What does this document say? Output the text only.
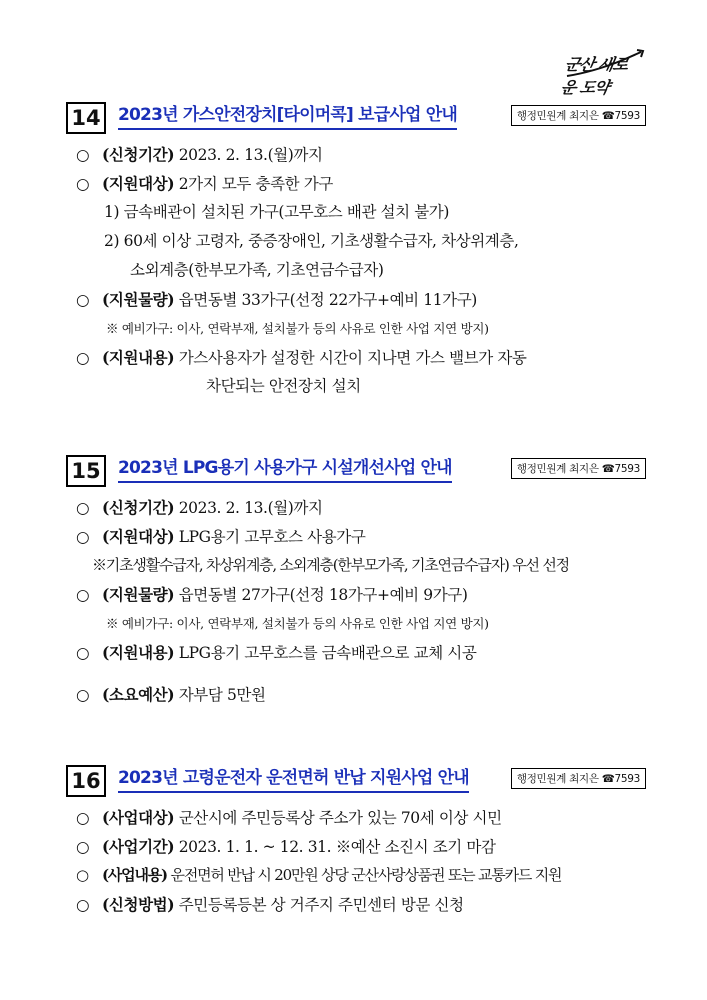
군산 새로운 도약
14	2023년 가스안전장치[타이머콕] 보급사업 안내	행정민원계 최지은 ☎7593
○ (신청기간) 2023. 2. 13.(월)까지
○ (지원대상) 2가지 모두 충족한 가구
1) 금속배관이 설치된 가구(고무호스 배관 설치 불가)
2) 60세 이상 고령자, 중증장애인, 기초생활수급자, 차상위계층,
소외계층(한부모가족, 기초연금수급자)
○ (지원물량) 읍면동별 33가구(선정 22가구+예비 11가구)
※ 예비가구: 이사, 연락부재, 설치불가 등의 사유로 인한 사업 지연 방지)
○ (지원내용) 가스사용자가 설정한 시간이 지나면 가스 밸브가 자동
차단되는 안전장치 설치
15	2023년 LPG용기 사용가구 시설개선사업 안내	행정민원계 최지은 ☎7593
○ (신청기간) 2023. 2. 13.(월)까지
○ (지원대상) LPG용기 고무호스 사용가구
※기초생활수급자, 차상위계층, 소외계층(한부모가족, 기초연금수급자) 우선 선정
○ (지원물량) 읍면동별 27가구(선정 18가구+예비 9가구)
※ 예비가구: 이사, 연락부재, 설치불가 등의 사유로 인한 사업 지연 방지)
○ (지원내용) LPG용기 고무호스를 금속배관으로 교체 시공
○ (소요예산) 자부담 5만원
16	2023년 고령운전자 운전면허 반납 지원사업 안내	행정민원계 최지은 ☎7593
○ (사업대상) 군산시에 주민등록상 주소가 있는 70세 이상 시민
○ (사업기간) 2023. 1. 1. ~ 12. 31. ※예산 소진시 조기 마감
○ (사업내용) 운전면허 반납 시 20만원 상당 군산사랑상품권 또는 교통카드 지원
○ (신청방법) 주민등록등본 상 거주지 주민센터 방문 신청
